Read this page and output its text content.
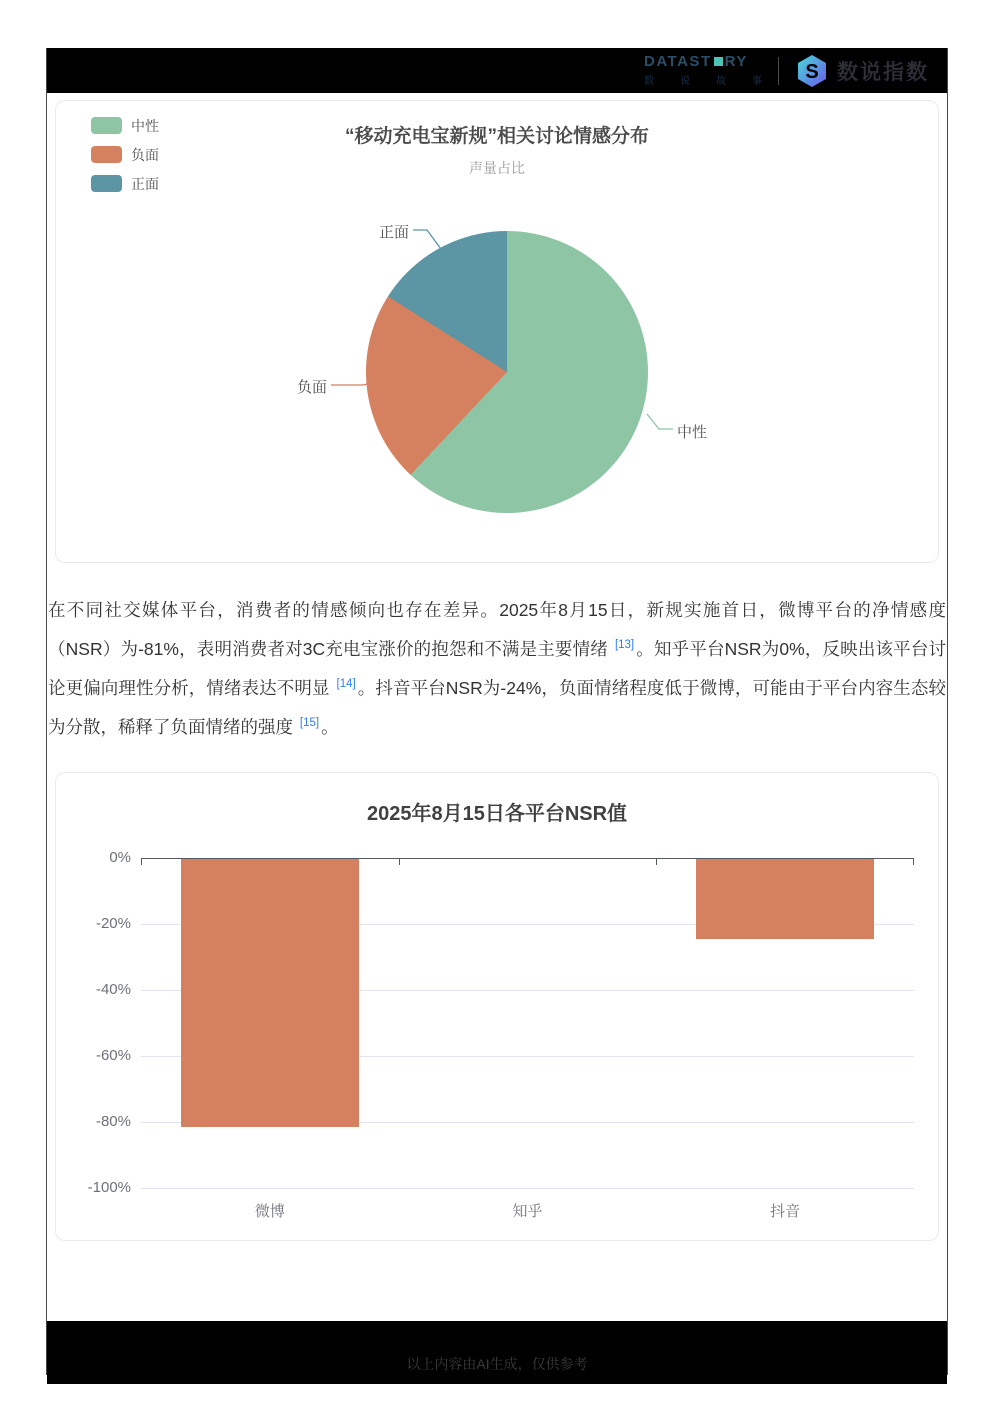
DATAST RY
数	说	故	事 S 数说指数
“移动充电宝新规”相关讨论情感分布
声量占比
中性
负面
正面
正面
负面
中性

在不同社交媒体平台，消费者的情感倾向也存在差异。2025年8月15日，新规实施首日，微博平台的净情感度（NSR）为-81%，表明消费者对3C充电宝涨价的抱怨和不满是主要情绪 [13] 。知乎平台NSR为0%，反映出该平台讨论更偏向理性分析，情绪表达不明显 [14] 。抖音平台NSR为-24%，负面情绪程度低于微博，可能由于平台内容生态较为分散，稀释了负面情绪的强度 [15] 。

2025年8月15日各平台NSR值
0%
-20%
-40%
-60%
-80%
-100%
微博	知乎	抖音
以上内容由AI生成，仅供参考
